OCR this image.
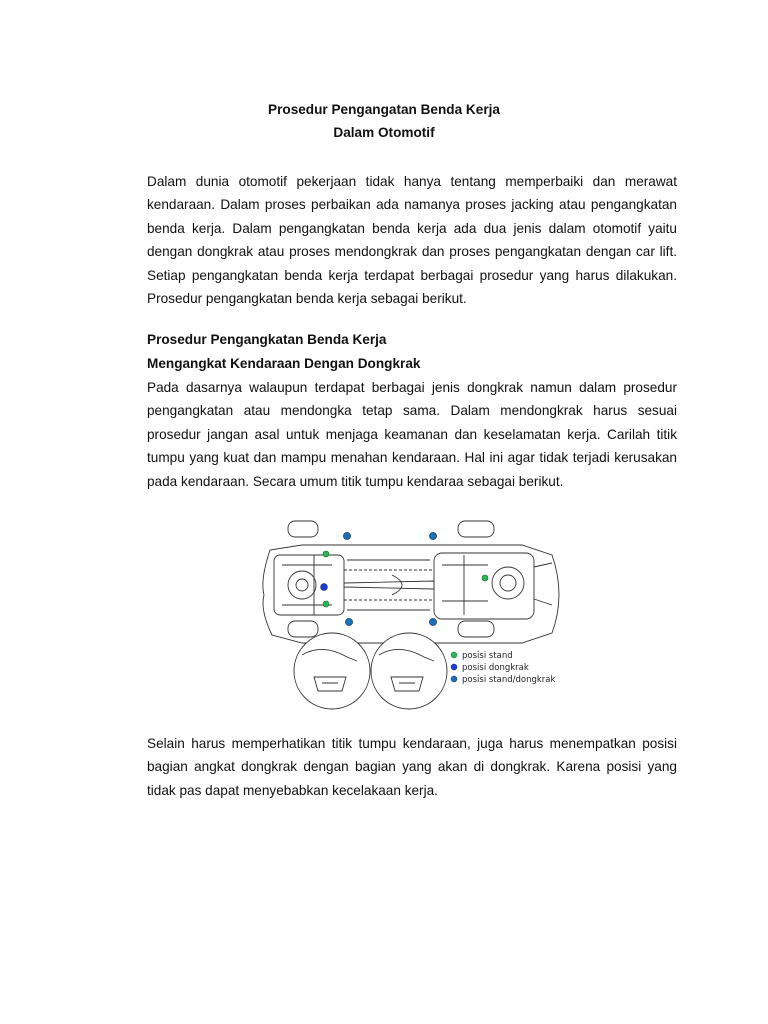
Prosedur Pengangatan Benda Kerja
Dalam Otomotif

Dalam dunia otomotif pekerjaan tidak hanya tentang memperbaiki dan merawat kendaraan. Dalam proses perbaikan ada namanya proses jacking atau pengangkatan benda kerja. Dalam pengangkatan benda kerja ada dua jenis dalam otomotif yaitu dengan dongkrak atau proses mendongkrak dan proses pengangkatan dengan car lift. Setiap pengangkatan benda kerja terdapat berbagai prosedur yang harus dilakukan. Prosedur pengangkatan benda kerja sebagai berikut.

Prosedur Pengangkatan Benda Kerja

Mengangkat Kendaraan Dengan Dongkrak

Pada dasarnya walaupun terdapat berbagai jenis dongkrak namun dalam prosedur pengangkatan atau mendongka tetap sama. Dalam mendongkrak harus sesuai prosedur jangan asal untuk menjaga keamanan dan keselamatan kerja. Carilah titik tumpu yang kuat dan mampu menahan kendaraan. Hal ini agar tidak terjadi kerusakan pada kendaraan. Secara umum titik tumpu kendaraa sebagai berikut.

posisi stand
posisi dongkrak
posisi stand/dongkrak

Selain harus memperhatikan titik tumpu kendaraan, juga harus menempatkan posisi bagian angkat dongkrak dengan bagian yang akan di dongkrak. Karena posisi yang tidak pas dapat menyebabkan kecelakaan kerja.
